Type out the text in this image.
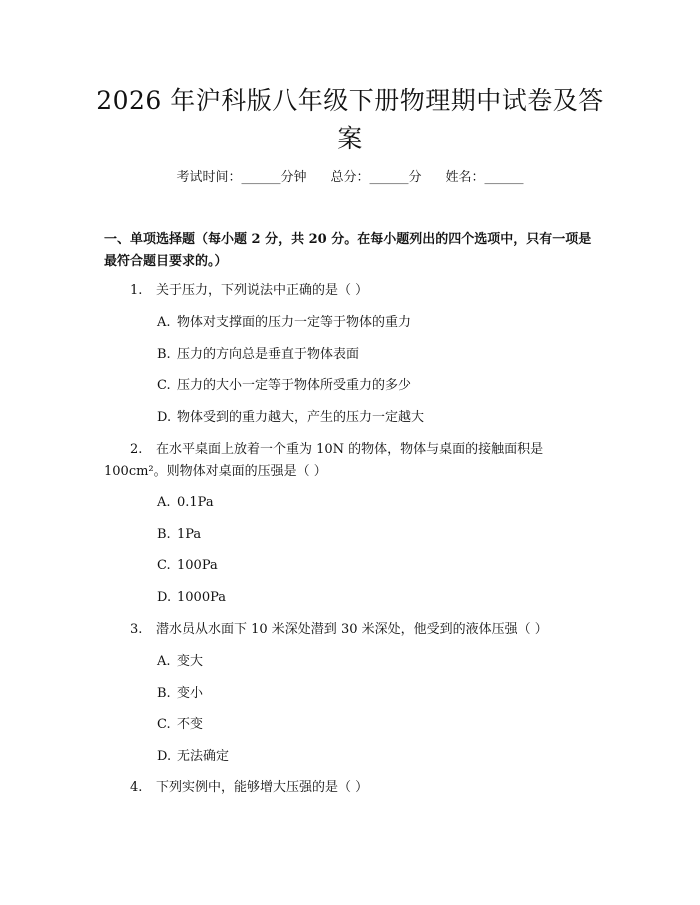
2026 年沪科版八年级下册物理期中试卷及答案
考试时间：______分钟 总分：______分 姓名：______

一、单项选择题（每小题 2 分，共 20 分。在每小题列出的四个选项中，只有一项是最符合题目要求的。）

1. 关于压力，下列说法中正确的是（ ）
A. 物体对支撑面的压力一定等于物体的重力
B. 压力的方向总是垂直于物体表面
C. 压力的大小一定等于物体所受重力的多少
D. 物体受到的重力越大，产生的压力一定越大
2. 在水平桌面上放着一个重为 10N 的物体，物体与桌面的接触面积是 100cm²。则物体对桌面的压强是（ ）
A. 0.1Pa
B. 1Pa
C. 100Pa
D. 1000Pa
3. 潜水员从水面下 10 米深处潜到 30 米深处，他受到的液体压强（ ）
A. 变大
B. 变小
C. 不变
D. 无法确定
4. 下列实例中，能够增大压强的是（ ）
